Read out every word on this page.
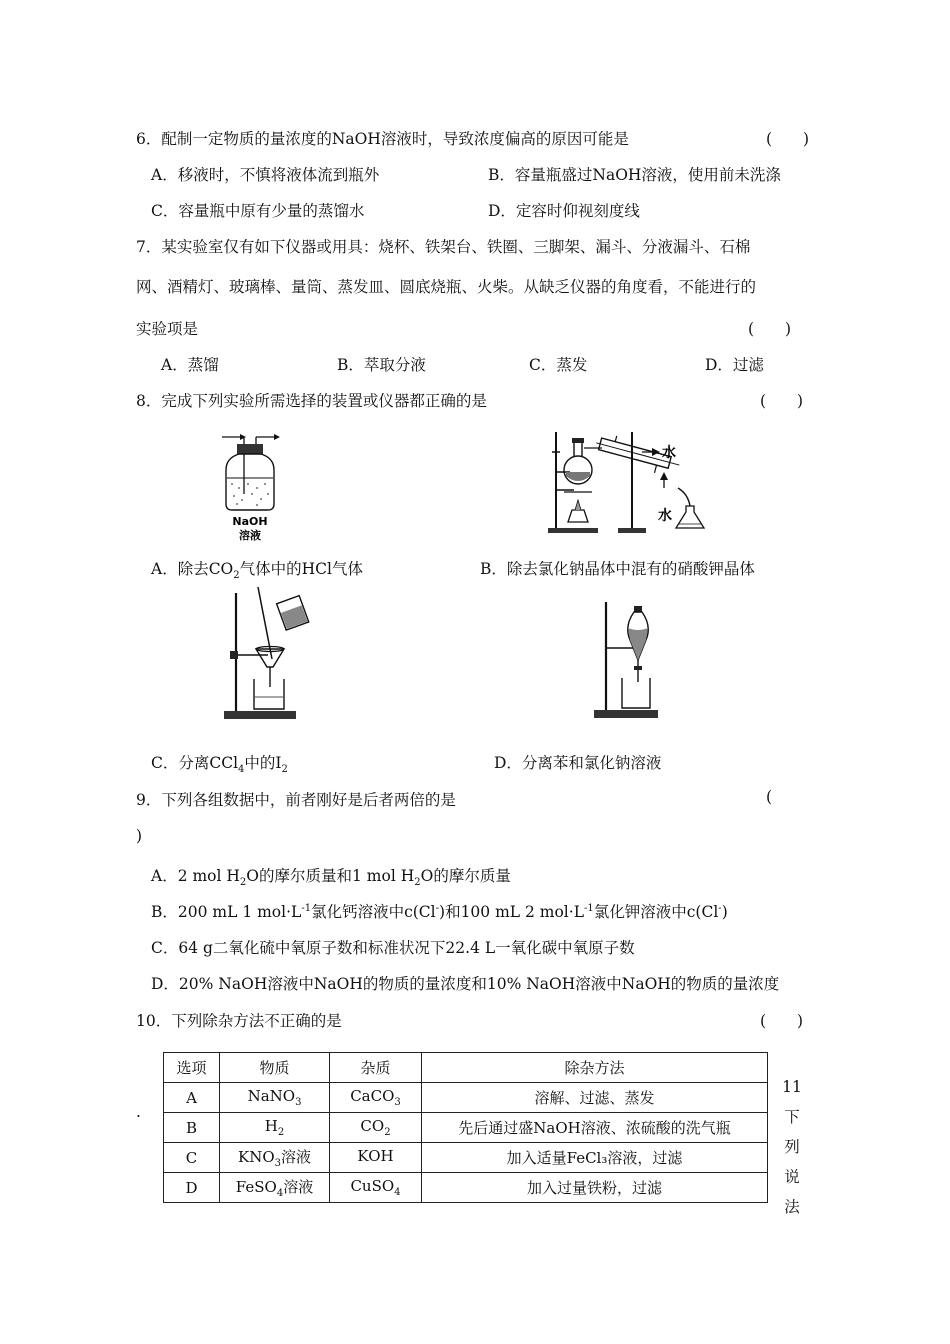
6．配制一定物质的量浓度的NaOH溶液时，导致浓度偏高的原因可能是	(　　)
A．移液时，不慎将液体流到瓶外	B．容量瓶盛过NaOH溶液，使用前未洗涤
C．容量瓶中原有少量的蒸馏水	D．定容时仰视刻度线
7．某实验室仅有如下仪器或用具：烧杯、铁架台、铁圈、三脚架、漏斗、分液漏斗、石棉
网、酒精灯、玻璃棒、量筒、蒸发皿、圆底烧瓶、火柴。从缺乏仪器的角度看，不能进行的
实验项是	(　　)
A．蒸馏	B．萃取分液	C．蒸发	D．过滤
8．完成下列实验所需选择的装置或仪器都正确的是	(　　)
NaOH
溶液
水
水
A．除去$CO_2$气体中的HCl气体	B．除去氯化钠晶体中混有的硝酸钾晶体
C．分离CCl$_4$中的$I_2$	D．分离苯和氯化钠溶液
9．下列各组数据中，前者刚好是后者两倍的是	(
)
A．2 mol $H_2O$的摩尔质量和1 mol $H_2O$的摩尔质量
B．200 mL 1 $mol\cdot L^{-1}$氯化钙溶液中c(Cl-)和100 mL 2 $mol\cdot L^{-1}$氯化钾溶液中c(Cl-)
C．64 g二氧化硫中氧原子数和标准状况下22.4 L一氧化碳中氧原子数
D．20% NaOH溶液中NaOH的物质的量浓度和10% NaOH溶液中NaOH的物质的量浓度
10．下列除杂方法不正确的是	(　　)
选项	物质	杂质	除杂方法
A	NaNO$_3$	CaCO$_3$	溶解、过滤、蒸发
B	$H_2$	$CO_2$	先后通过盛NaOH溶液、浓硫酸的洗气瓶
C	$KNO_3$溶液	KOH	加入适量FeCl₃溶液，过滤
D	FeSO$_4$溶液	CuSO$_4$	加入过量铁粉，过滤
.
11
下
列
说
法
